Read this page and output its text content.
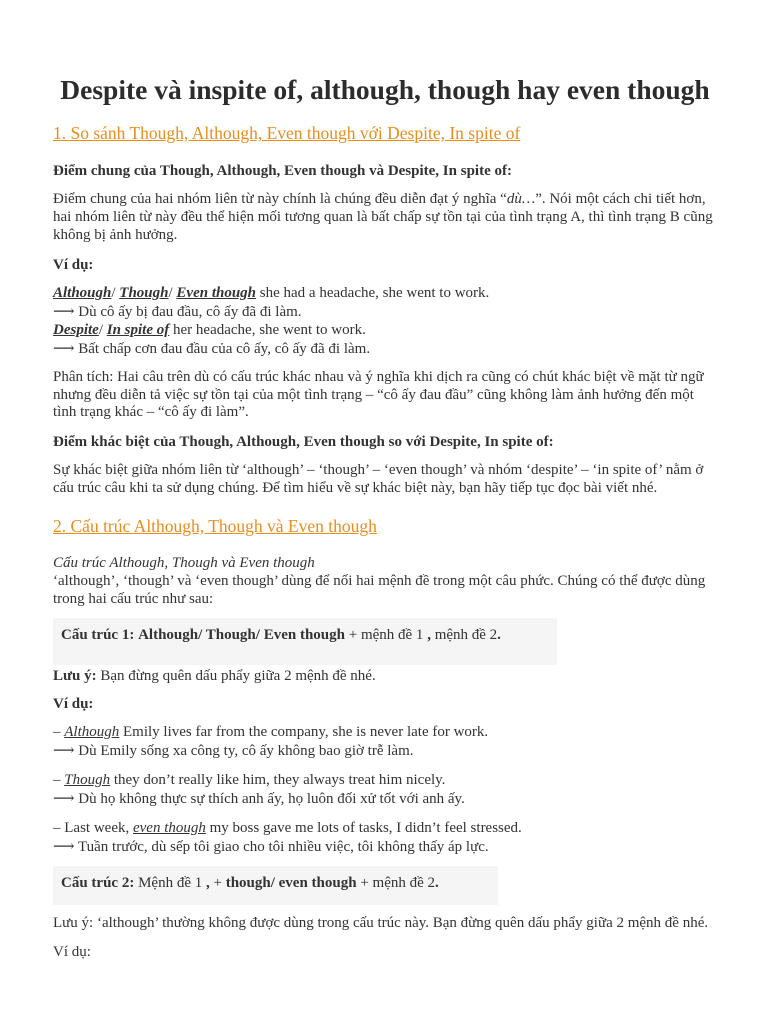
Despite và inspite of, although, though hay even though
1. So sánh Though, Although, Even though với Despite, In spite of

Điểm chung của Though, Although, Even though và Despite, In spite of:

Điểm chung của hai nhóm liên từ này chính là chúng đều diễn đạt ý nghĩa “dù…”. Nói một cách chi tiết hơn, hai nhóm liên từ này đều thể hiện mối tương quan là bất chấp sự tồn tại của tình trạng A, thì tình trạng B cũng không bị ảnh hưởng.

Ví dụ:

Although/ Though/ Even though she had a headache, she went to work.
⟶ Dù cô ấy bị đau đầu, cô ấy đã đi làm.
Despite/ In spite of her headache, she went to work.
⟶ Bất chấp cơn đau đầu của cô ấy, cô ấy đã đi làm.

Phân tích: Hai câu trên dù có cấu trúc khác nhau và ý nghĩa khi dịch ra cũng có chút khác biệt về mặt từ ngữ nhưng đều diễn tả việc sự tồn tại của một tình trạng – “cô ấy đau đầu” cũng không làm ảnh hưởng đến một tình trạng khác – “cô ấy đi làm”.

Điểm khác biệt của Though, Although, Even though so với Despite, In spite of:

Sự khác biệt giữa nhóm liên từ ‘although’ – ‘though’ – ‘even though’ và nhóm ‘despite’ – ‘in spite of’ nằm ở cấu trúc câu khi ta sử dụng chúng. Để tìm hiểu về sự khác biệt này, bạn hãy tiếp tục đọc bài viết nhé.

2. Cấu trúc Although, Though và Even though

Cấu trúc Although, Though và Even though
‘although’, ‘though’ và ‘even though’ dùng để nối hai mệnh đề trong một câu phức. Chúng có thể được dùng trong hai cấu trúc như sau:

Cấu trúc 1: Although/ Though/ Even though + mệnh đề 1 , mệnh đề 2.

Lưu ý: Bạn đừng quên dấu phẩy giữa 2 mệnh đề nhé.

Ví dụ:

– Although Emily lives far from the company, she is never late for work.
⟶ Dù Emily sống xa công ty, cô ấy không bao giờ trễ làm.
– Though they don’t really like him, they always treat him nicely.
⟶ Dù họ không thực sự thích anh ấy, họ luôn đối xử tốt với anh ấy.
– Last week, even though my boss gave me lots of tasks, I didn’t feel stressed.
⟶ Tuần trước, dù sếp tôi giao cho tôi nhiều việc, tôi không thấy áp lực.
Cấu trúc 2: Mệnh đề 1 , + though/ even though + mệnh đề 2.

Lưu ý: ‘although’ thường không được dùng trong cấu trúc này. Bạn đừng quên dấu phẩy giữa 2 mệnh đề nhé.

Ví dụ:
